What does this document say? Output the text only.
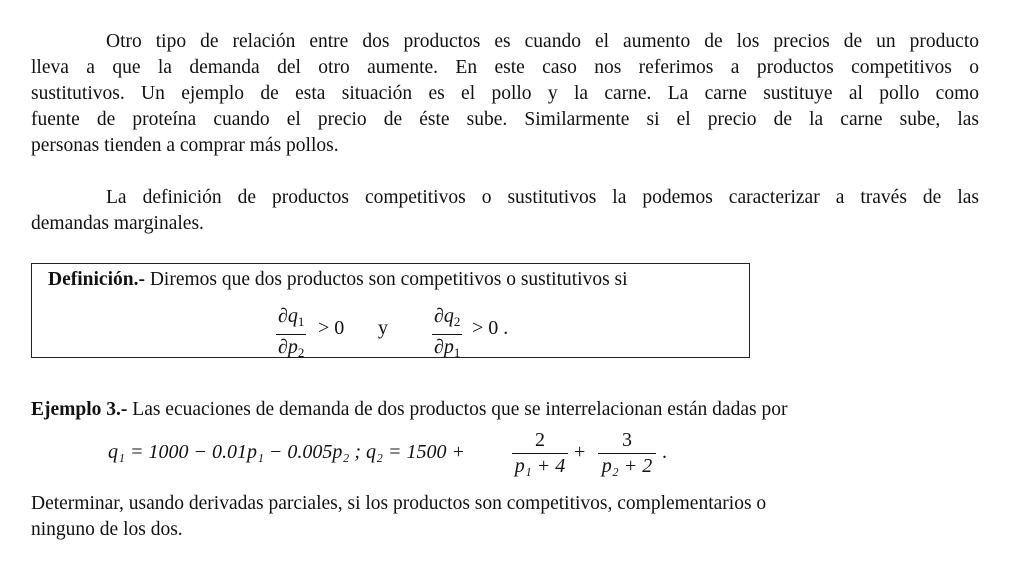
Otro tipo de relación entre dos productos es cuando el aumento de los precios de un producto
lleva a que la demanda del otro aumente. En este caso nos referimos a productos competitivos o
sustitutivos. Un ejemplo de esta situación es el pollo y la carne. La carne sustituye al pollo como
fuente de proteína cuando el precio de éste sube. Similarmente si el precio de la carne sube, las
personas tienden a comprar más pollos.
La definición de productos competitivos o sustitutivos la podemos caracterizar a través de las
demandas marginales.
Definición.- Diremos que dos productos son competitivos o sustitutivos si
$\frac{\partial q_1}{\partial p_2} > 0$ y $\frac{\partial q_2}{\partial p_1} > 0$ .
Ejemplo 3.- Las ecuaciones de demanda de dos productos que se interrelacionan están dadas por
q₁ = 1000 − 0.01p₁ − 0.005p₂ ; $q_2 = 1500 + \frac{2}{\text{p₁ + 4}} + \frac{3}{\text{p₂ + 2}}$ .
Determinar, usando derivadas parciales, si los productos son competitivos, complementarios o
ninguno de los dos.
